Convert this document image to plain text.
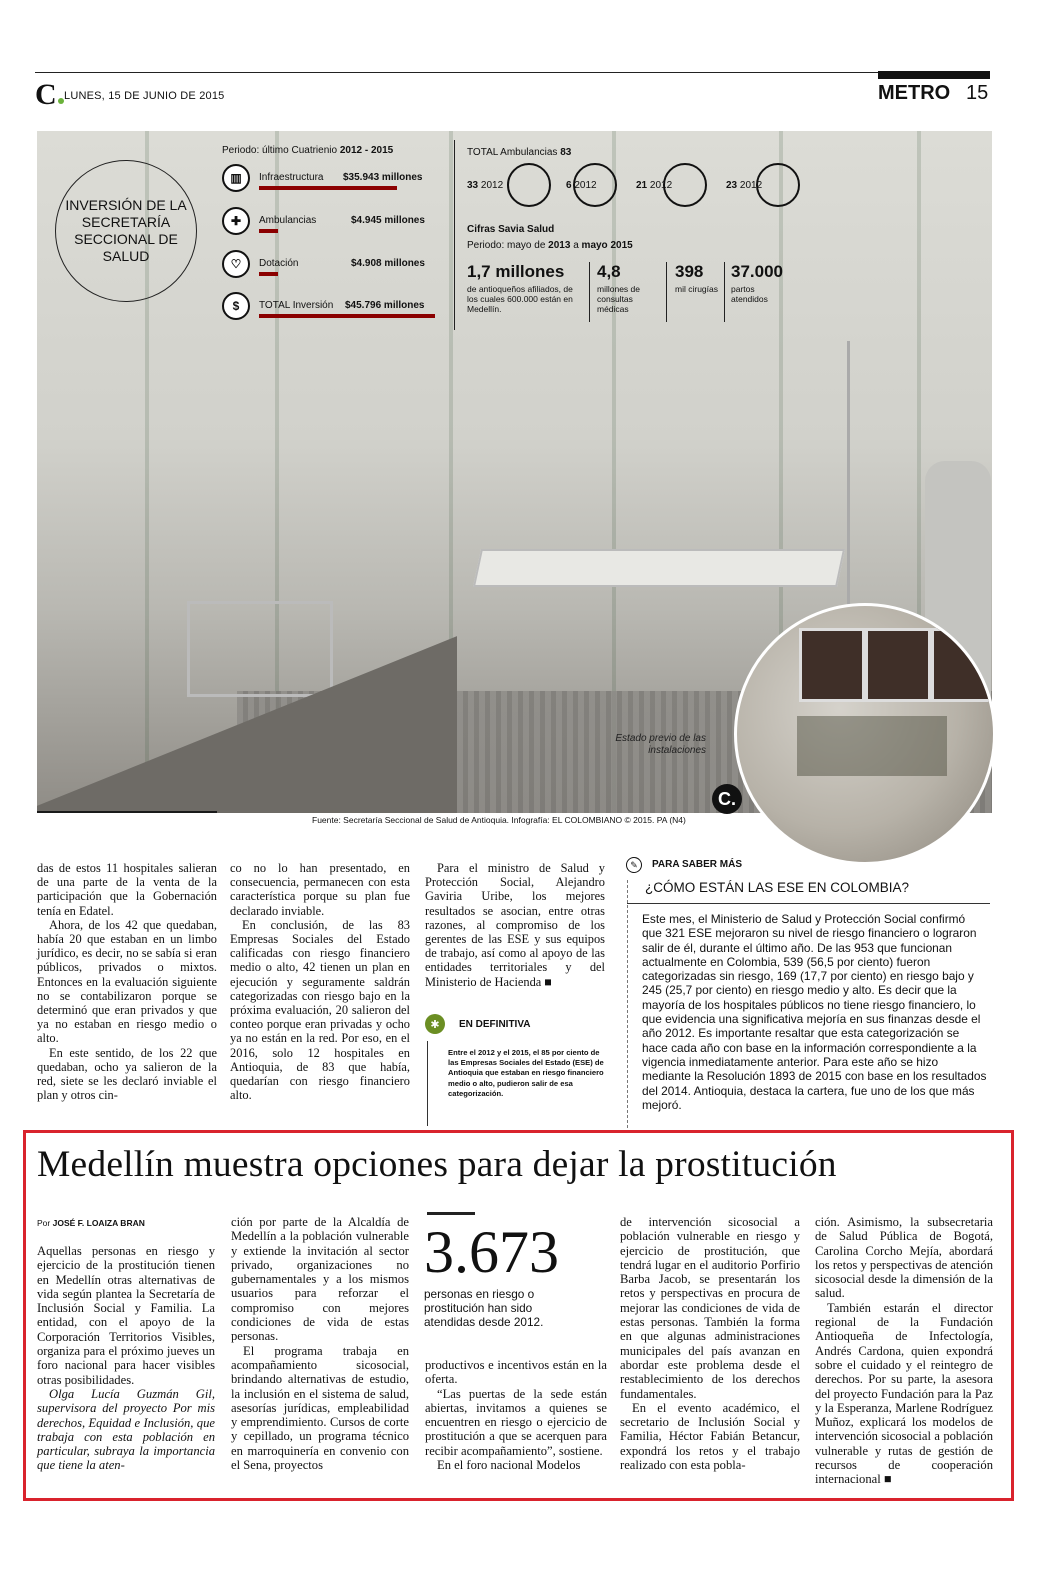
C LUNES, 15 DE JUNIO DE 2015	METRO 15
INVERSIÓN DE LA SECRETARÍA SECCIONAL DE SALUD
Periodo: último Cuatrienio 2012 - 2015
▥	Infraestructura $35.943 millones
✚	Ambulancias	$4.945 millones
♡	Dotación	$4.908 millones
$	TOTAL Inversión $45.796 millones
TOTAL Ambulancias 83
33 2012	6 2012	21 2012	23 2012
Cifras Savia Salud
Periodo: mayo de 2013 a mayo 2015
1,7 millones
de antioqueños afiliados, de los cuales 600.000 están en Medellín.
4,8
millones de consultas médicas
398
mil cirugías
37.000
partos atendidos
Estado previo de las instalaciones
C.
Fuente: Secretaría Seccional de Salud de Antioquia. Infografía: EL COLOMBIANO © 2015. PA (N4)

das de estos 11 hospitales salieran de una parte de la venta de la participación que la Gobernación tenía en Edatel.

Ahora, de los 42 que quedaban, había 20 que estaban en un limbo jurídico, es decir, no se sabía si eran públicos, privados o mixtos. Entonces en la evaluación siguiente no se contabilizaron porque se determinó que eran privados y que ya no estaban en riesgo medio o alto.

En este sentido, de los 22 que quedaban, ocho ya salieron de la red, siete se les declaró inviable el plan y otros cin-

co no lo han presentado, en consecuencia, permanecen con esta característica porque su plan fue declarado inviable.

En conclusión, de las 83 Empresas Sociales del Estado calificadas con riesgo financiero medio o alto, 42 tienen un plan en ejecución y seguramente saldrán categorizadas con riesgo bajo en la próxima evaluación, 20 salieron del conteo porque eran privadas y ocho ya no están en la red. Por eso, en el 2016, solo 12 hospitales en Antioquia, de 83 que había, quedarían con riesgo financiero alto.

Para el ministro de Salud y Protección Social, Alejandro Gaviria Uribe, los mejores resultados se asocian, entre otras razones, al compromiso de los gerentes de las ESE y sus equipos de trabajo, así como al apoyo de las entidades territoriales y del Ministerio de Hacienda ■

✱	EN DEFINITIVA
Entre el 2012 y el 2015, el 85 por ciento de las Empresas Sociales del Estado (ESE) de Antioquia que estaban en riesgo financiero medio o alto, pudieron salir de esa categorización.
✎	PARA SABER MÁS
¿CÓMO ESTÁN LAS ESE EN COLOMBIA?
Este mes, el Ministerio de Salud y Protección Social confirmó que 321 ESE mejoraron su nivel de riesgo financiero o lograron salir de él, durante el último año. De las 953 que funcionan actualmente en Colombia, 539 (56,5 por ciento) fueron categorizadas sin riesgo, 169 (17,7 por ciento) en riesgo bajo y 245 (25,7 por ciento) en riesgo medio y alto. Es decir que la mayoría de los hospitales públicos no tiene riesgo financiero, lo que evidencia una significativa mejoría en sus finanzas desde el año 2012. Es importante resaltar que esta categorización se hace cada año con base en la información correspondiente a la vigencia inmediatamente anterior. Para este año se hizo mediante la Resolución 1893 de 2015 con base en los resultados del 2014. Antioquia, destaca la cartera, fue uno de los que más mejoró.
Medellín muestra opciones para dejar la prostitución
Por JOSÉ F. LOAIZA BRAN

Aquellas personas en riesgo y ejercicio de la prostitución tienen en Medellín otras alternativas de vida según plantea la Secretaría de Inclusión Social y Familia. La entidad, con el apoyo de la Corporación Territorios Visibles, organiza para el próximo jueves un foro nacional para hacer visibles otras posibilidades.

Olga Lucía Guzmán Gil, supervisora del proyecto Por mis derechos, Equidad e Inclusión, que trabaja con esta población en particular, subraya la importancia que tiene la aten-

ción por parte de la Alcaldía de Medellín a la población vulnerable y extiende la invitación al sector privado, organizaciones no gubernamentales y a los mismos usuarios para reforzar el compromiso con mejores condiciones de vida de estas personas.

El programa trabaja en acompañamiento sicosocial, brindando alternativas de estudio, la inclusión en el sistema de salud, asesorías jurídicas, empleabilidad y emprendimiento. Cursos de corte y cepillado, un programa técnico en marroquinería en convenio con el Sena, proyectos

3.673
personas en riesgo o prostitución han sido atendidas desde 2012.

productivos e incentivos están en la oferta.

“Las puertas de la sede están abiertas, invitamos a quienes se encuentren en riesgo o ejercicio de prostitución a que se acerquen para recibir acompañamiento”, sostiene.

En el foro nacional Modelos

de intervención sicosocial a población vulnerable en riesgo y ejercicio de prostitución, que tendrá lugar en el auditorio Porfirio Barba Jacob, se presentarán los retos y perspectivas en procura de mejorar las condiciones de vida de estas personas. También la forma en que algunas administraciones municipales del país avanzan en abordar este problema desde el restablecimiento de los derechos fundamentales.

En el evento académico, el secretario de Inclusión Social y Familia, Héctor Fabián Betancur, expondrá los retos y el trabajo realizado con esta pobla-

ción. Asimismo, la subsecretaria de Salud Pública de Bogotá, Carolina Corcho Mejía, abordará los retos y perspectivas de atención sicosocial desde la dimensión de la salud.

También estarán el director regional de la Fundación Antioqueña de Infectología, Andrés Cardona, quien expondrá sobre el cuidado y el reintegro de derechos. Por su parte, la asesora del proyecto Fundación para la Paz y la Esperanza, Marlene Rodríguez Muñoz, explicará los modelos de intervención sicosocial a población vulnerable y rutas de gestión de recursos de cooperación internacional ■
